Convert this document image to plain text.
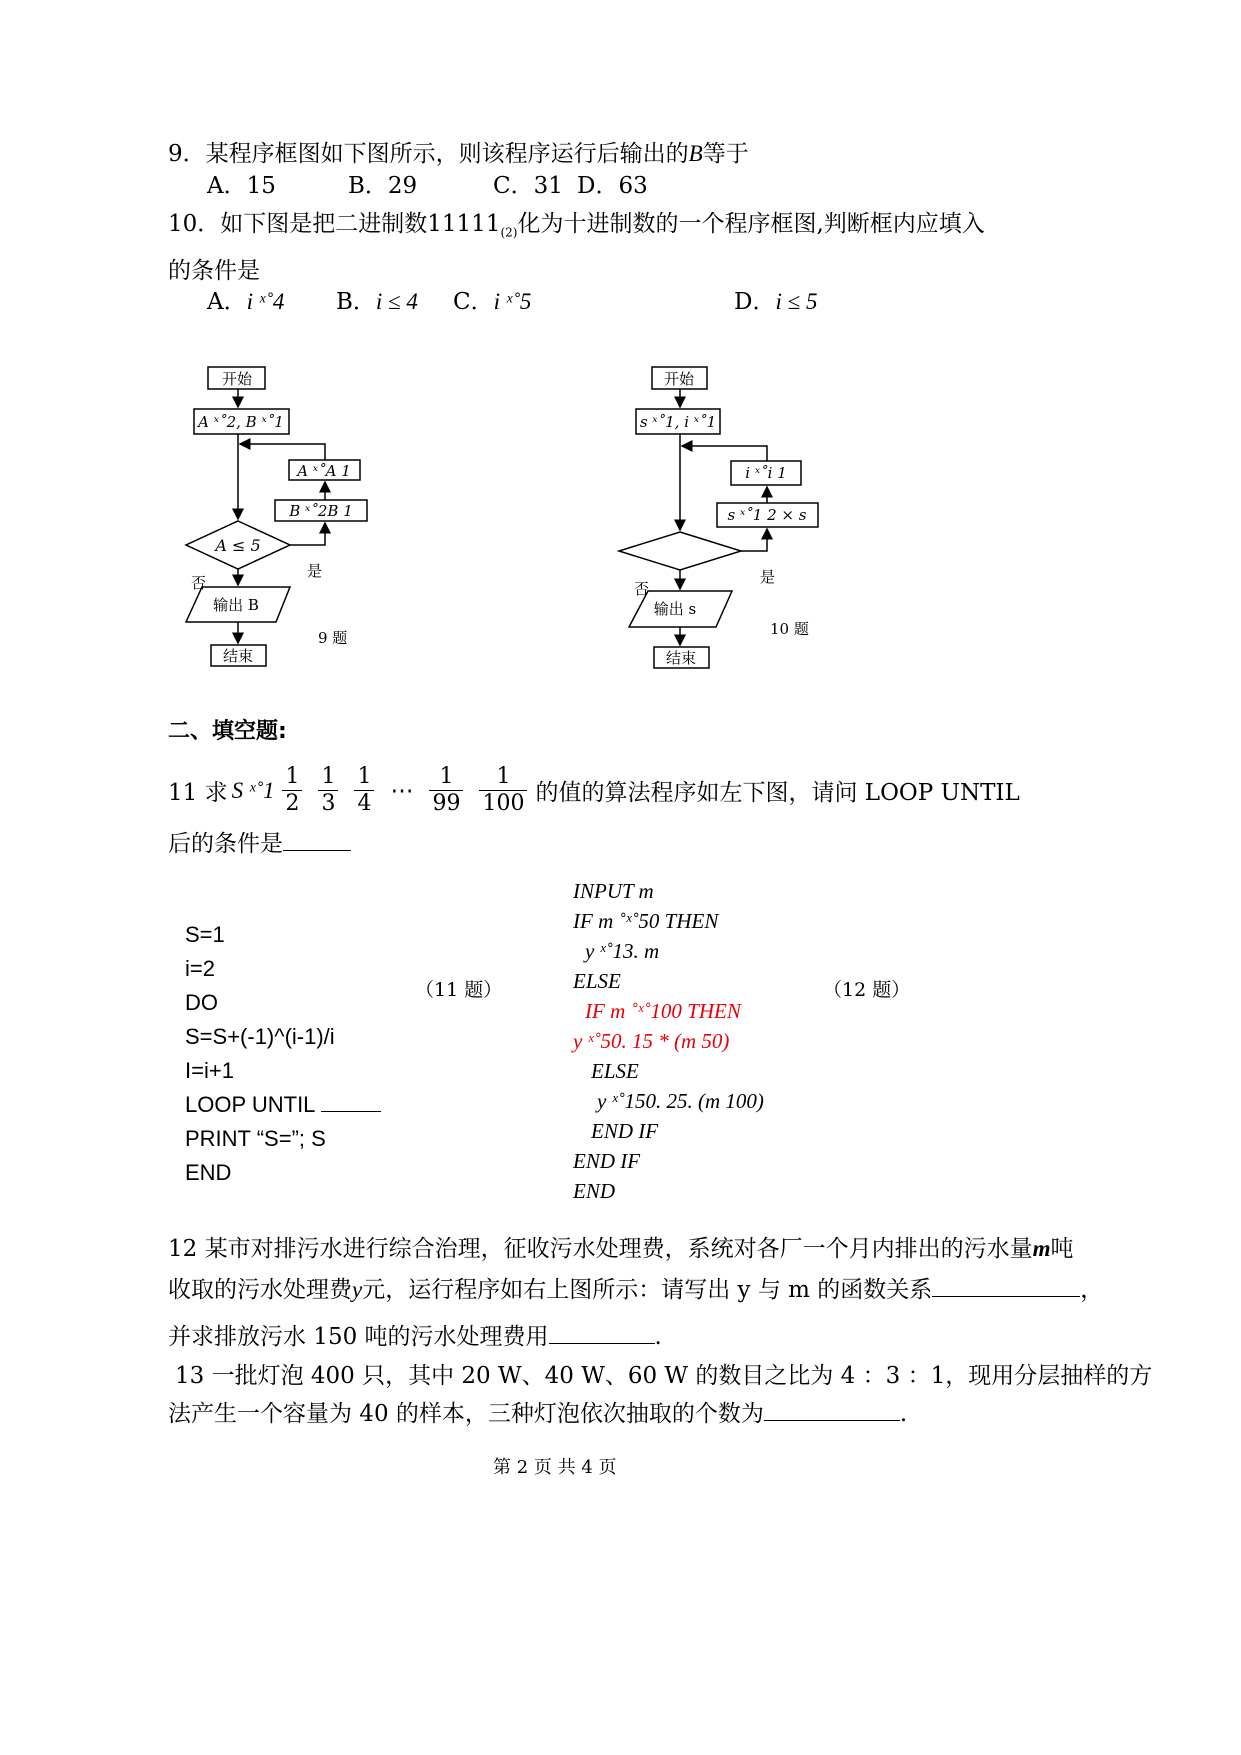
9．某程序框图如下图所示，则该程序运行后输出的B等于
A．15	B．29	C．31 D．63
10．如下图是把二进制数$11111_{(2)}$化为十进制数的一个程序框图,判断框内应填入
的条件是
A．i ˣ˚4 B．i ≤ 4 C．i ˣ˚5	D．i ≤ 5
开始
A ˣ˚2, B ˣ˚1
A ˣ˚A 1
B ˣ˚2B 1
A ≤ 5
是
否
输出 B
结束
9 题
开始
s ˣ˚1, i ˣ˚1
i ˣ˚i 1
s ˣ˚1 2 × s
是
否
输出 s
结束
10 题
二、填空题:
11 求 S ˣ˚1 $\frac{1}{2} \frac{1}{3} \frac{1}{4}$ ⋯ $\frac{1}{99} \frac{1}{100}$ 的值的算法程序如左下图，请问 LOOP UNTIL
后的条件是
S=1
i=2
DO
S=S+(-1)^(i-1)/i
I=i+1
LOOP UNTIL
PRINT “S=”; S
END
（11 题）
INPUT m
IF m ˚ˣ˚50 THEN
y ˣ˚13. m
ELSE
IF m ˚ˣ˚100 THEN
y ˣ˚50. 15 * (m 50)
ELSE
y ˣ˚150. 25. (m 100)
END IF
END IF
END
（12 题）
12 某市对排污水进行综合治理，征收污水处理费，系统对各厂一个月内排出的污水量m吨
收取的污水处理费y元，运行程序如右上图所示：请写出 y 与 m 的函数关系	，
并求排放污水 150 吨的污水处理费用	.
13 一批灯泡 400 只，其中 20 W、40 W、60 W 的数目之比为 4 ：3 ：1，现用分层抽样的方
法产生一个容量为 40 的样本，三种灯泡依次抽取的个数为	.
第 2 页 共 4 页
